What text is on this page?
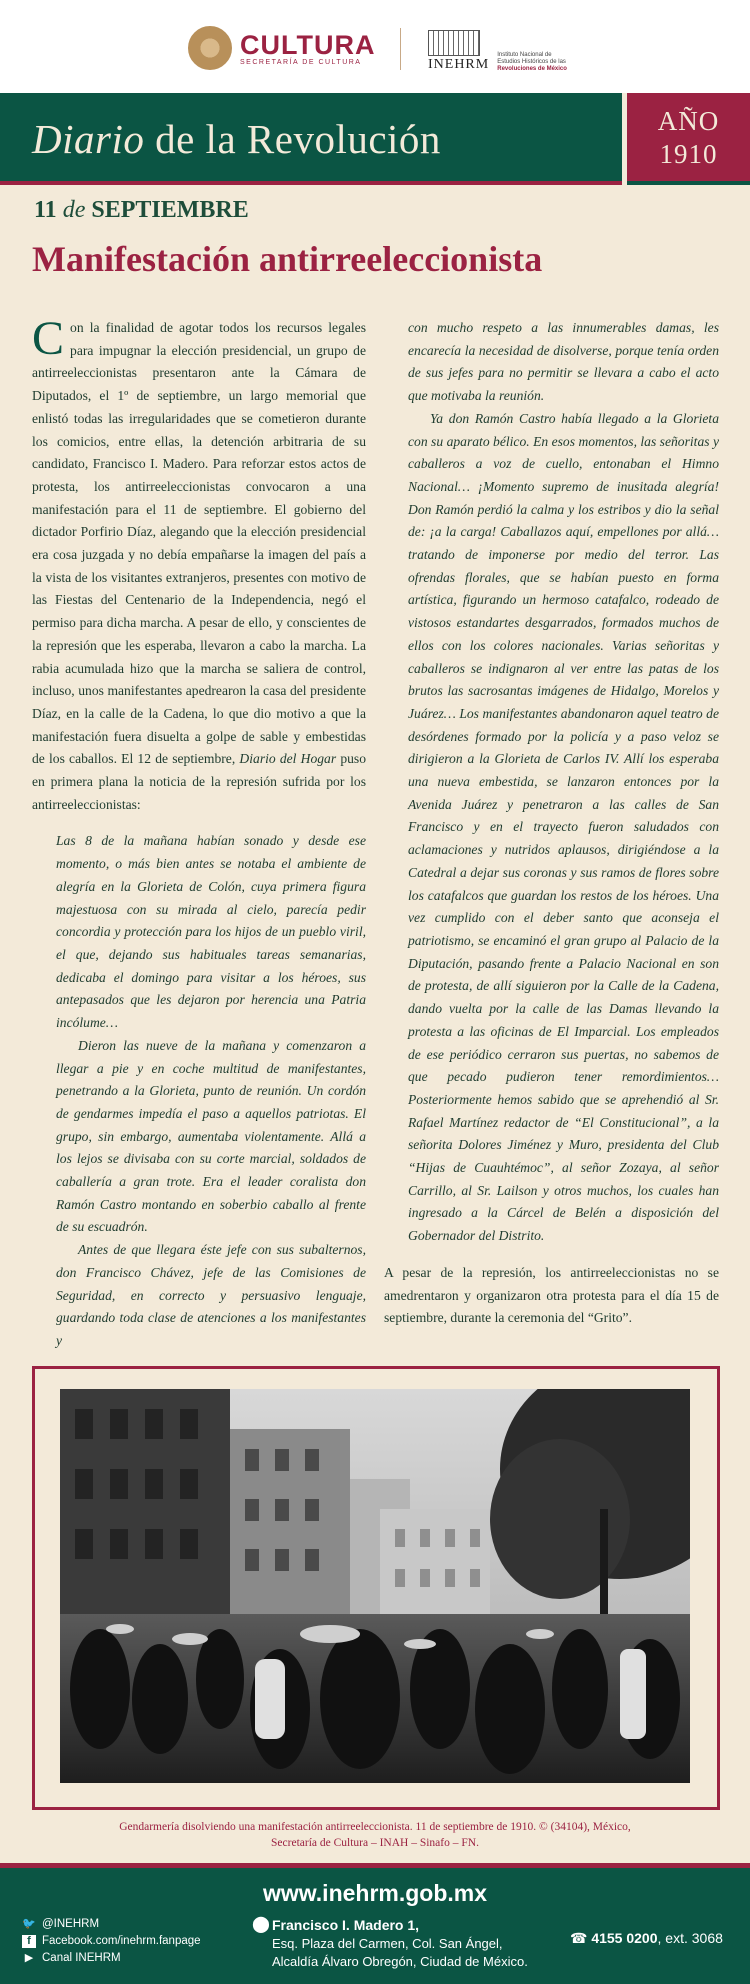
CULTURA
SECRETARÍA DE CULTURA	INEHRM
Instituto Nacional de
Estudios Históricos de las
Revoluciones de México
Diario de la Revolución	AÑO
1910
11 de SEPTIEMBRE
Manifestación antirreeleccionista

Con la finalidad de agotar todos los recursos legales para impugnar la elección presidencial, un grupo de antirreeleccionistas presentaron ante la Cámara de Diputados, el 1º de septiembre, un largo memorial que enlistó todas las irregularidades que se cometieron durante los comicios, entre ellas, la detención arbitraria de su candidato, Francisco I. Madero. Para reforzar estos actos de protesta, los antirreeleccionistas convocaron a una manifestación para el 11 de septiembre. El gobierno del dictador Porfirio Díaz, alegando que la elección presidencial era cosa juzgada y no debía empañarse la imagen del país a la vista de los visitantes extranjeros, presentes con motivo de las Fiestas del Centenario de la Independencia, negó el permiso para dicha marcha. A pesar de ello, y conscientes de la represión que les esperaba, llevaron a cabo la marcha. La rabia acumulada hizo que la marcha se saliera de control, incluso, unos manifestantes apedrearon la casa del presidente Díaz, en la calle de la Cadena, lo que dio motivo a que la manifestación fuera disuelta a golpe de sable y embestidas de los caballos. El 12 de septiembre, Diario del Hogar puso en primera plana la noticia de la represión sufrida por los antirreeleccionistas:

Las 8 de la mañana habían sonado y desde ese momento, o más bien antes se notaba el ambiente de alegría en la Glorieta de Colón, cuya primera figura majestuosa con su mirada al cielo, parecía pedir concordia y protección para los hijos de un pueblo viril, el que, dejando sus habituales tareas semanarias, dedicaba el domingo para visitar a los héroes, sus antepasados que les dejaron por herencia una Patria incólume…

Dieron las nueve de la mañana y comenzaron a llegar a pie y en coche multitud de manifestantes, penetrando a la Glorieta, punto de reunión. Un cordón de gendarmes impedía el paso a aquellos patriotas. El grupo, sin embargo, aumentaba violentamente. Allá a los lejos se divisaba con su corte marcial, soldados de caballería a gran trote. Era el leader coralista don Ramón Castro montando en soberbio caballo al frente de su escuadrón.

Antes de que llegara éste jefe con sus subalternos, don Francisco Chávez, jefe de las Comisiones de Seguridad, en correcto y persuasivo lenguaje, guardando toda clase de atenciones a los manifestantes y

con mucho respeto a las innumerables damas, les encarecía la necesidad de disolverse, porque tenía orden de sus jefes para no permitir se llevara a cabo el acto que motivaba la reunión.

Ya don Ramón Castro había llegado a la Glorieta con su aparato bélico. En esos momentos, las señoritas y caballeros a voz de cuello, entonaban el Himno Nacional… ¡Momento supremo de inusitada alegría! Don Ramón perdió la calma y los estribos y dio la señal de: ¡a la carga! Caballazos aquí, empellones por allá… tratando de imponerse por medio del terror. Las ofrendas florales, que se habían puesto en forma artística, figurando un hermoso catafalco, rodeado de vistosos estandartes desgarrados, formados muchos de ellos con los colores nacionales. Varias señoritas y caballeros se indignaron al ver entre las patas de los brutos las sacrosantas imágenes de Hidalgo, Morelos y Juárez… Los manifestantes abandonaron aquel teatro de desórdenes formado por la policía y a paso veloz se dirigieron a la Glorieta de Carlos IV. Allí los esperaba una nueva embestida, se lanzaron entonces por la Avenida Juárez y penetraron a las calles de San Francisco y en el trayecto fueron saludados con aclamaciones y nutridos aplausos, dirigiéndose a la Catedral a dejar sus coronas y sus ramos de flores sobre los catafalcos que guardan los restos de los héroes. Una vez cumplido con el deber santo que aconseja el patriotismo, se encaminó el gran grupo al Palacio de la Diputación, pasando frente a Palacio Nacional en son de protesta, de allí siguieron por la Calle de la Cadena, dando vuelta por la calle de las Damas llevando la protesta a las oficinas de El Imparcial. Los empleados de ese periódico cerraron sus puertas, no sabemos de que pecado pudieron tener remordimientos… Posteriormente hemos sabido que se aprehendió al Sr. Rafael Martínez redactor de “El Constitucional”, a la señorita Dolores Jiménez y Muro, presidenta del Club “Hijas de Cuauhtémoc”, al señor Zozaya, al señor Carrillo, al Sr. Lailson y otros muchos, los cuales han ingresado a la Cárcel de Belén a disposición del Gobernador del Distrito.

A pesar de la represión, los antirreeleccionistas no se amedrentaron y organizaron otra protesta para el día 15 de septiembre, durante la ceremonia del “Grito”.

Gendarmería disolviendo una manifestación antirreeleccionista. 11 de septiembre de 1910. © (34104), México,
Secretaría de Cultura – INAH – Sinafo – FN.
www.inehrm.gob.mx
🐦 @INEHRM
f Facebook.com/inehrm.fanpage
▶ Canal INEHRM
⬤ Francisco I. Madero 1,
Esq. Plaza del Carmen, Col. San Ángel,
Alcaldía Álvaro Obregón, Ciudad de México.
☎ 4155 0200, ext. 3068
